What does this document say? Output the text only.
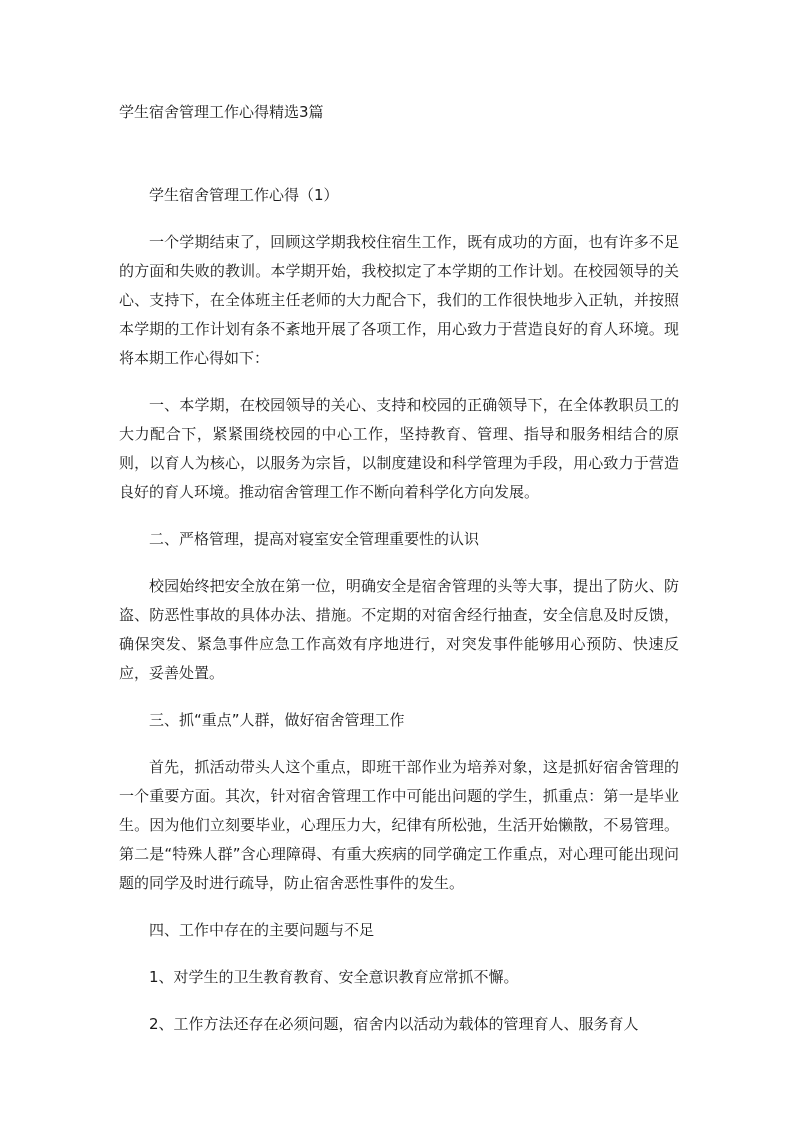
学生宿舍管理工作心得精选3篇

学生宿舍管理工作心得（1）

一个学期结束了，回顾这学期我校住宿生工作，既有成功的方面，也有许多不足的方面和失败的教训。本学期开始，我校拟定了本学期的工作计划。在校园领导的关心、支持下，在全体班主任老师的大力配合下，我们的工作很快地步入正轨，并按照本学期的工作计划有条不紊地开展了各项工作，用心致力于营造良好的育人环境。现将本期工作心得如下：

一、本学期，在校园领导的关心、支持和校园的正确领导下，在全体教职员工的大力配合下，紧紧围绕校园的中心工作，坚持教育、管理、指导和服务相结合的原则，以育人为核心，以服务为宗旨，以制度建设和科学管理为手段，用心致力于营造良好的育人环境。推动宿舍管理工作不断向着科学化方向发展。

二、严格管理，提高对寝室安全管理重要性的认识

校园始终把安全放在第一位，明确安全是宿舍管理的头等大事，提出了防火、防盗、防恶性事故的具体办法、措施。不定期的对宿舍经行抽查，安全信息及时反馈，确保突发、紧急事件应急工作高效有序地进行，对突发事件能够用心预防、快速反应，妥善处置。

三、抓“重点”人群，做好宿舍管理工作

首先，抓活动带头人这个重点，即班干部作业为培养对象，这是抓好宿舍管理的一个重要方面。其次，针对宿舍管理工作中可能出问题的学生，抓重点：第一是毕业生。因为他们立刻要毕业，心理压力大，纪律有所松弛，生活开始懒散，不易管理。第二是“特殊人群”含心理障碍、有重大疾病的同学确定工作重点，对心理可能出现问题的同学及时进行疏导，防止宿舍恶性事件的发生。

四、工作中存在的主要问题与不足

1、对学生的卫生教育教育、安全意识教育应常抓不懈。

2、工作方法还存在必须问题，宿舍内以活动为载体的管理育人、服务育人
